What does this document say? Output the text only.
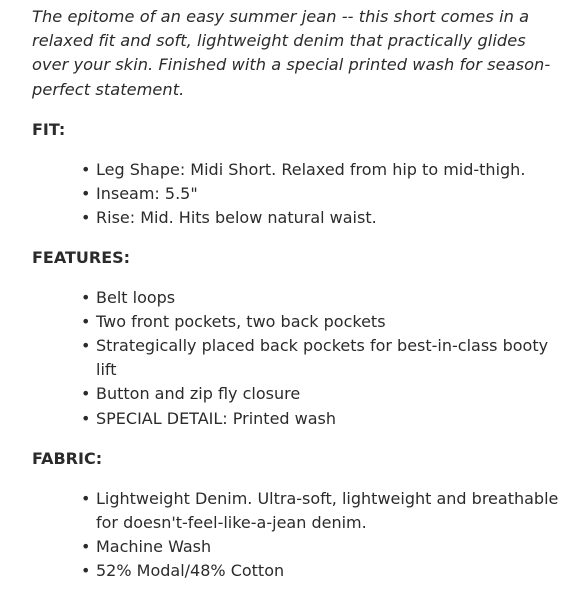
The epitome of an easy summer jean -- this short comes in a relaxed fit and soft, lightweight denim that practically glides over your skin. Finished with a special printed wash for season-perfect statement.

FIT:
• Leg Shape: Midi Short. Relaxed from hip to mid-thigh.
• Inseam: 5.5"
• Rise: Mid. Hits below natural waist.
FEATURES:
• Belt loops
• Two front pockets, two back pockets
• Strategically placed back pockets for best-in-class booty lift
• Button and zip fly closure
• SPECIAL DETAIL: Printed wash
FABRIC:
• Lightweight Denim. Ultra-soft, lightweight and breathable for doesn't-feel-like-a-jean denim.
• Machine Wash
• 52% Modal/48% Cotton
